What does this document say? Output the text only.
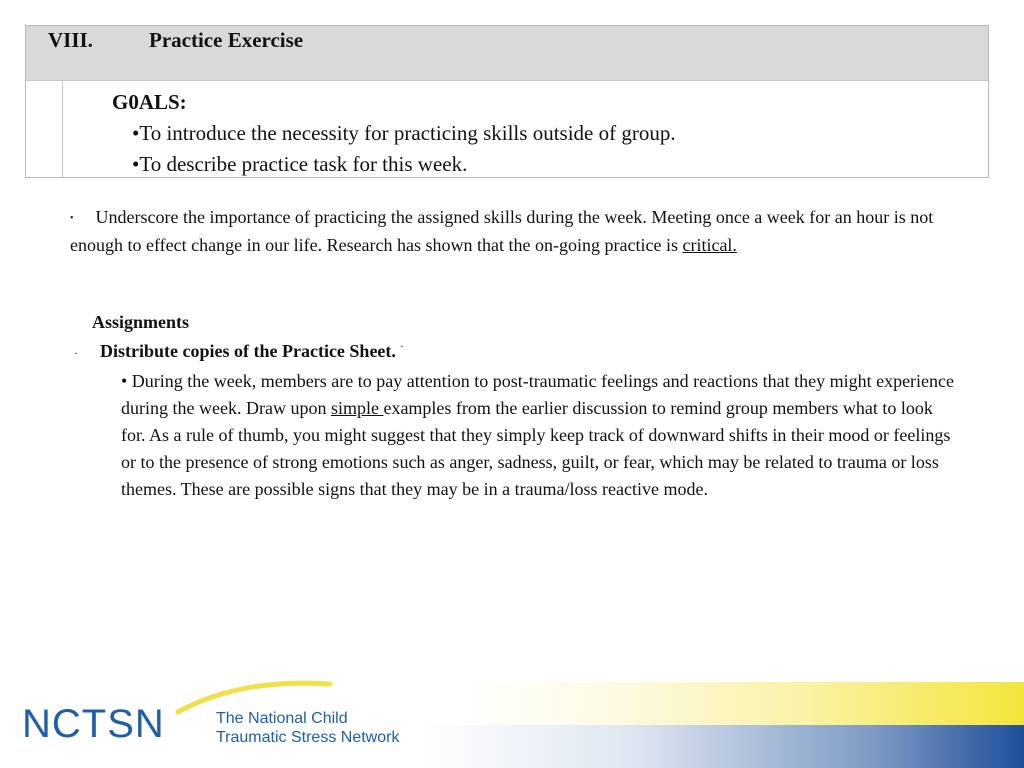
VIII.	Practice Exercise
G0ALS:
•To introduce the necessity for practicing skills outside of group.
•To describe practice task for this week.
• Underscore the importance of practicing the assigned skills during the week. Meeting once a week for an hour is not enough to effect change in our life. Research has shown that the on-going practice is critical.
Assignments
· Distribute copies of the Practice Sheet. ·
• During the week, members are to pay attention to post-traumatic feelings and reactions that they might experience during the week. Draw upon simple examples from the earlier discussion to remind group members what to look for. As a rule of thumb, you might suggest that they simply keep track of downward shifts in their mood or feelings or to the presence of strong emotions such as anger, sadness, guilt, or fear, which may be related to trauma or loss themes. These are possible signs that they may be in a trauma/loss reactive mode.
NCTSN	The National Child
Traumatic Stress Network
